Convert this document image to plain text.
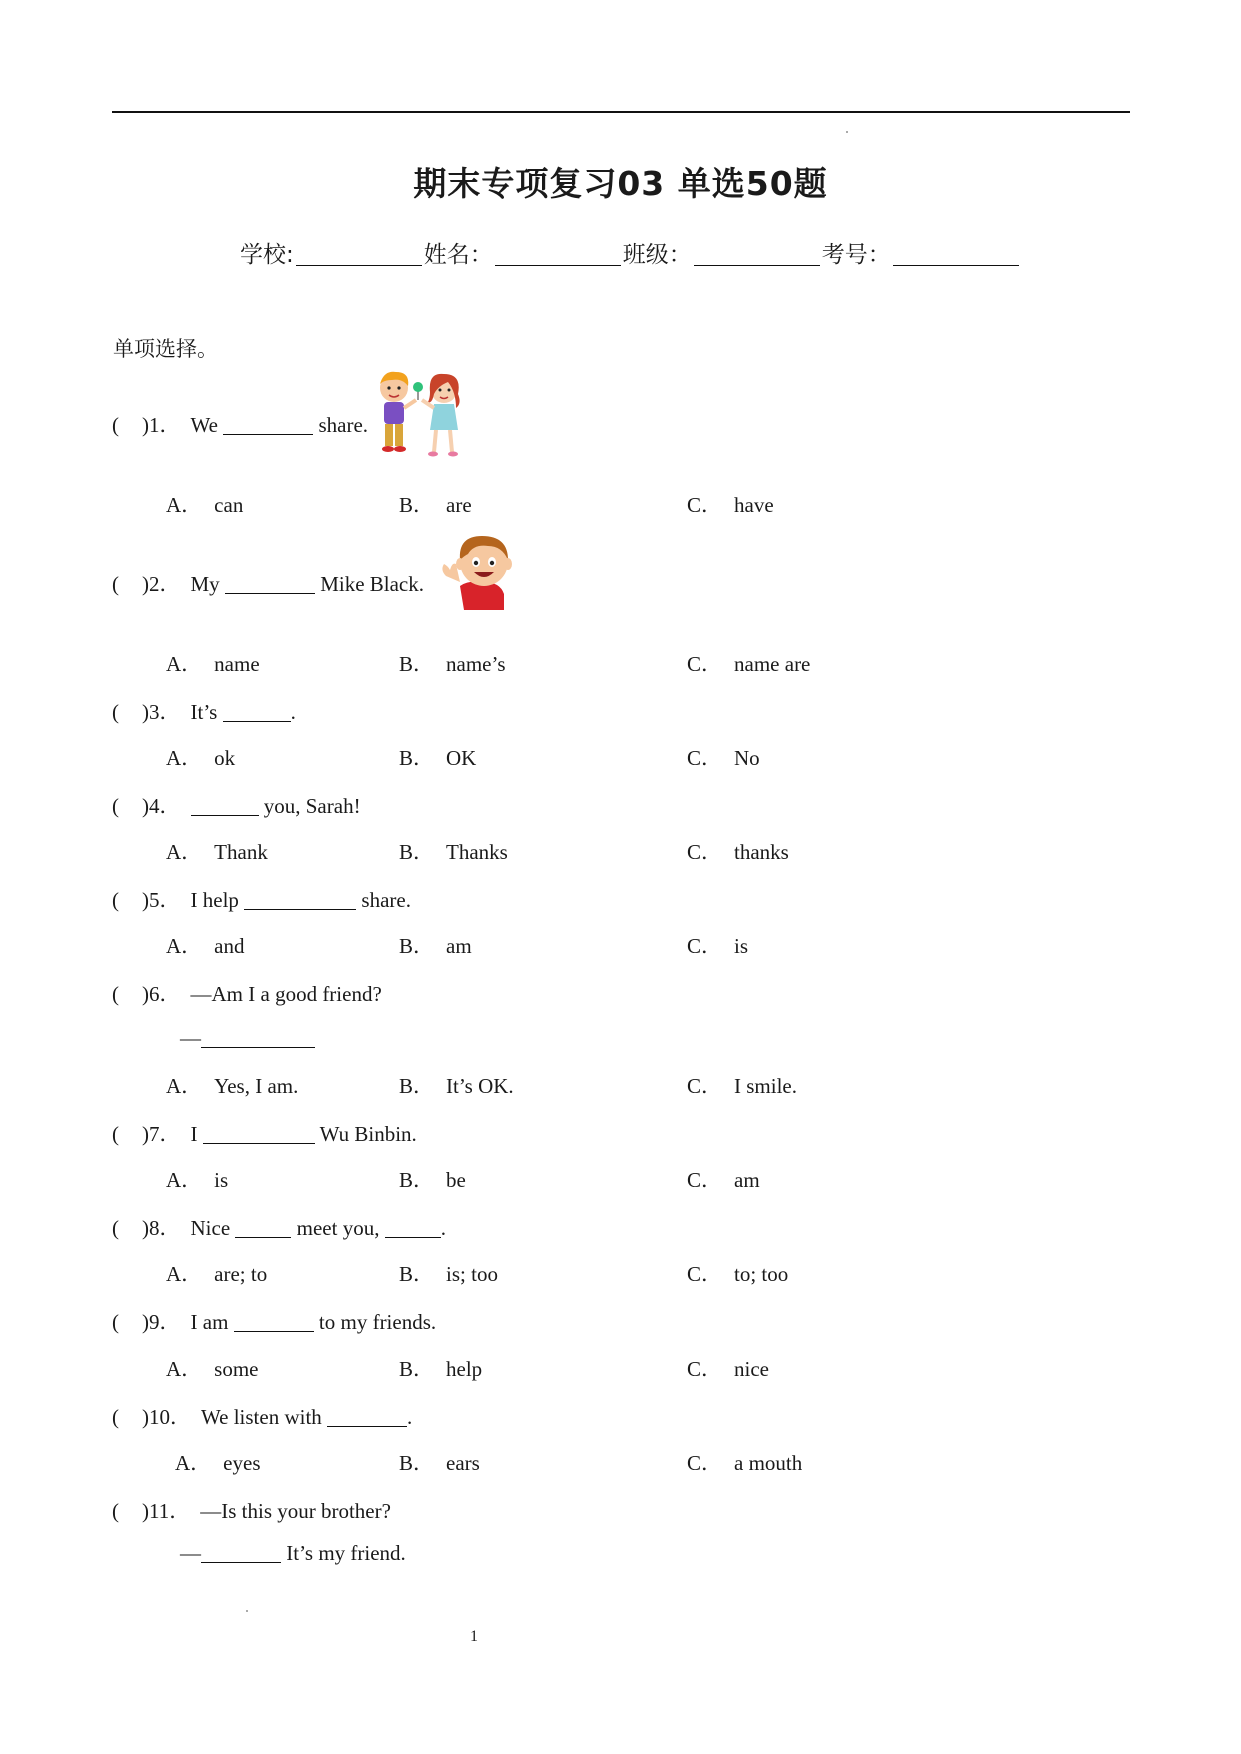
期末专项复习03 单选50题
学校:	姓名：	班级：	考号：
单项选择。
( )1． We	share.
A． can	B． are	C． have
( )2． My	Mike Black.
A． name	B． name’s	C． name are
( )3． It’s	.
A． ok	B． OK	C． No
( )4．	you, Sarah!
A． Thank	B． Thanks	C． thanks
( )5． I help	share.
A． and	B． am	C． is
( )6． —Am I a good friend?
—
A． Yes, I am.	B． It’s OK.	C． I smile.
( )7． I	Wu Binbin.
A． is	B． be	C． am
( )8． Nice	meet you,	.
A． are; to	B． is; too	C． to; too
( )9． I am	to my friends.
A． some	B． help	C． nice
( )10． We listen with	.
A． eyes	B． ears	C． a mouth
( )11． —Is this your brother?
—	It’s my friend.
1
